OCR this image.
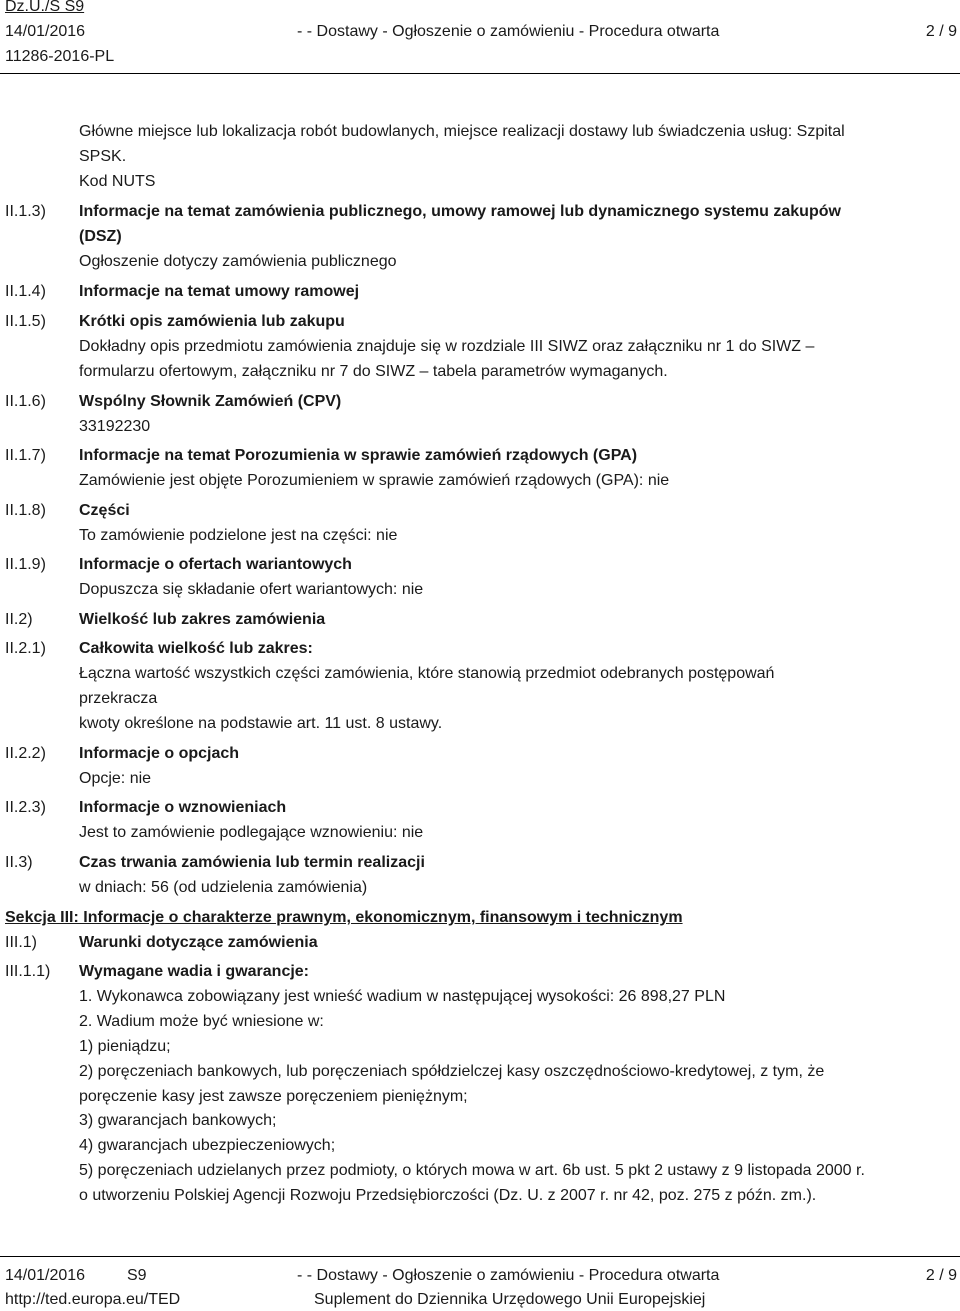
Dz.U./S S9
14/01/2016	- - Dostawy - Ogłoszenie o zamówieniu - Procedura otwarta	2 / 9
11286-2016-PL
Główne miejsce lub lokalizacja robót budowlanych, miejsce realizacji dostawy lub świadczenia usług: Szpital
SPSK.
Kod NUTS
II.1.3) Informacje na temat zamówienia publicznego, umowy ramowej lub dynamicznego systemu zakupów
(DSZ)
Ogłoszenie dotyczy zamówienia publicznego
II.1.4) Informacje na temat umowy ramowej
II.1.5) Krótki opis zamówienia lub zakupu
Dokładny opis przedmiotu zamówienia znajduje się w rozdziale III SIWZ oraz załączniku nr 1 do SIWZ –
formularzu ofertowym, załączniku nr 7 do SIWZ – tabela parametrów wymaganych.
II.1.6) Wspólny Słownik Zamówień (CPV)
33192230
II.1.7) Informacje na temat Porozumienia w sprawie zamówień rządowych (GPA)
Zamówienie jest objęte Porozumieniem w sprawie zamówień rządowych (GPA): nie
II.1.8) Części
To zamówienie podzielone jest na części: nie
II.1.9) Informacje o ofertach wariantowych
Dopuszcza się składanie ofert wariantowych: nie
II.2)	Wielkość lub zakres zamówienia
II.2.1) Całkowita wielkość lub zakres:
Łączna wartość wszystkich części zamówienia, które stanowią przedmiot odebranych postępowań
przekracza
kwoty określone na podstawie art. 11 ust. 8 ustawy.
II.2.2) Informacje o opcjach
Opcje: nie
II.2.3) Informacje o wznowieniach
Jest to zamówienie podlegające wznowieniu: nie
II.3)	Czas trwania zamówienia lub termin realizacji
w dniach: 56 (od udzielenia zamówienia)
Sekcja III: Informacje o charakterze prawnym, ekonomicznym, finansowym i technicznym
III.1)	Warunki dotyczące zamówienia
III.1.1) Wymagane wadia i gwarancje:
1. Wykonawca zobowiązany jest wnieść wadium w następującej wysokości: 26 898,27 PLN
2. Wadium może być wniesione w:
1) pieniądzu;
2) poręczeniach bankowych, lub poręczeniach spółdzielczej kasy oszczędnościowo-kredytowej, z tym, że
poręczenie kasy jest zawsze poręczeniem pieniężnym;
3) gwarancjach bankowych;
4) gwarancjach ubezpieczeniowych;
5) poręczeniach udzielanych przez podmioty, o których mowa w art. 6b ust. 5 pkt 2 ustawy z 9 listopada 2000 r.
o utworzeniu Polskiej Agencji Rozwoju Przedsiębiorczości (Dz. U. z 2007 r. nr 42, poz. 275 z późn. zm.).
14/01/2016	S9	- - Dostawy - Ogłoszenie o zamówieniu - Procedura otwarta	2 / 9
http://ted.europa.eu/TED	Suplement do Dziennika Urzędowego Unii Europejskiej
